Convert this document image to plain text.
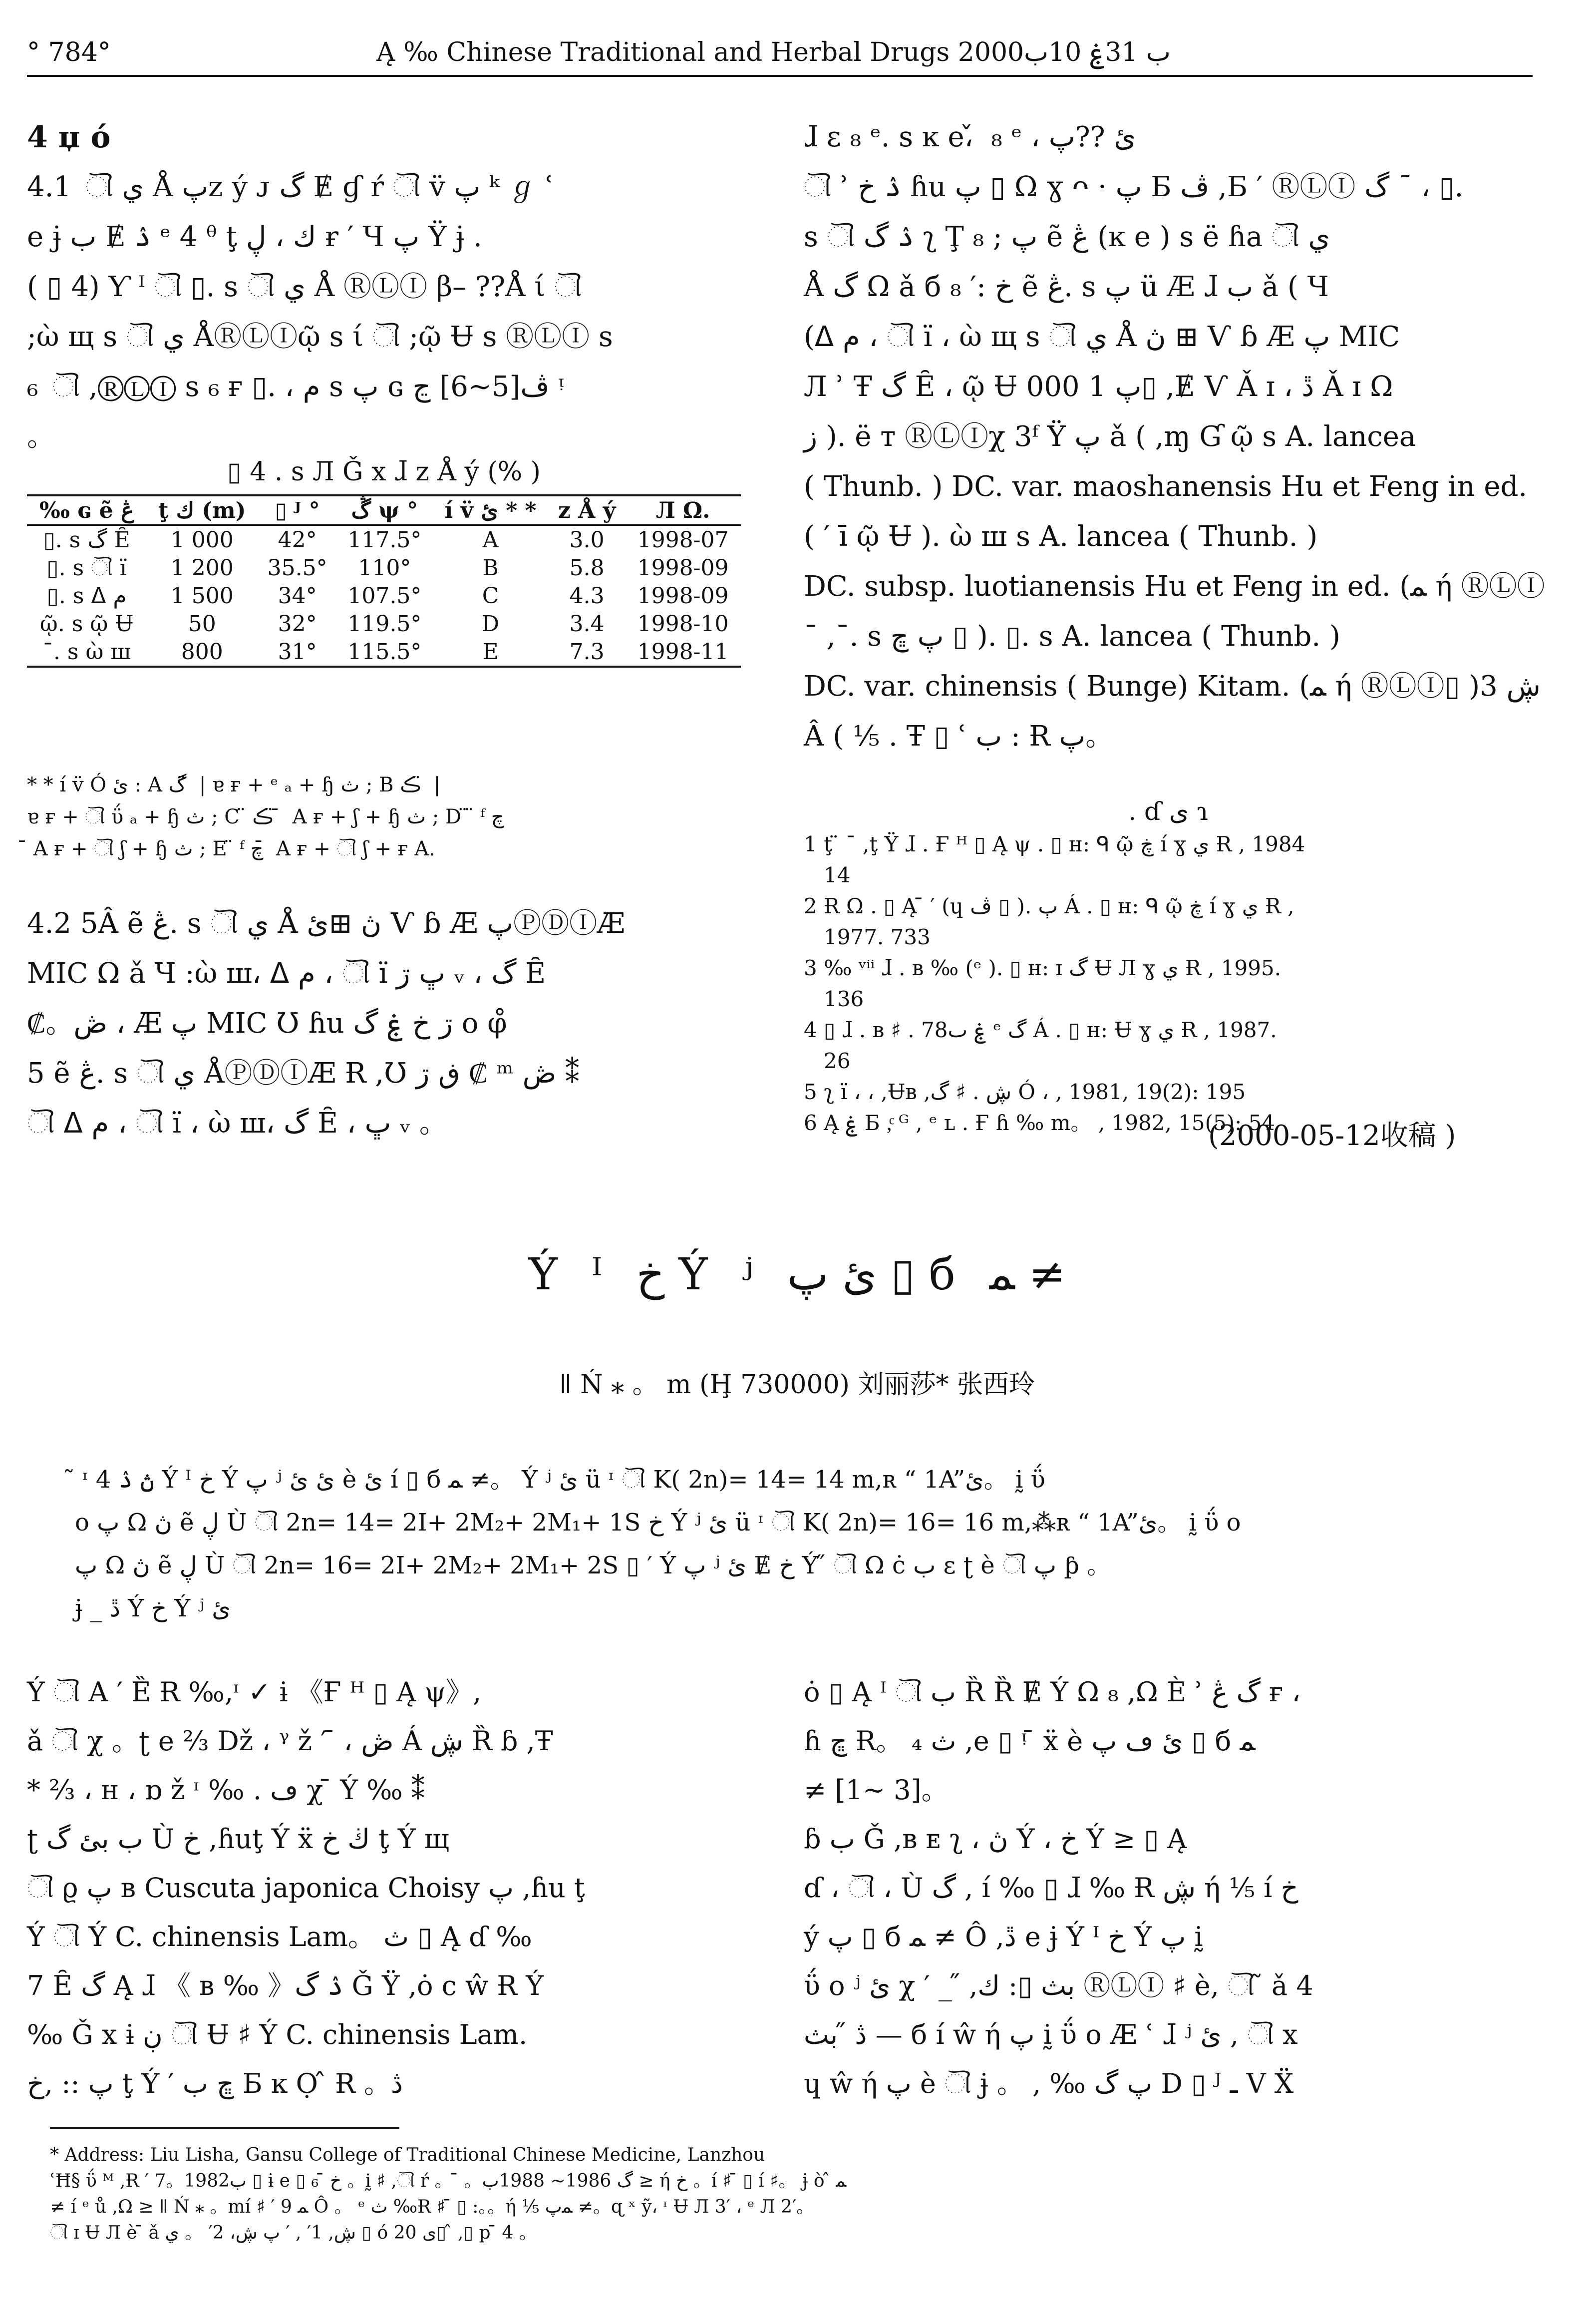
° 784°	Ą ‰ Chinese Traditional and Herbal Drugs 2000ب 31ۼ 10ب

4 џ ó

4.1 ୗ ي Å پz ý ᴊ گ Ɇ ɠ ŕ ୗ v̈ پ ᵏ ℊ ʿ

e ɉ ب Ɇ ۮ ᵉ 4 ᶿ ţ ك ، ڸ ɍ ′ Ч پ Ÿ ɉ .

( ▯ 4) Ƴ ᴵ ୗ ▯. s ୗ ي Å ⓇⓁⒾ β– ??Å ί ୗ

;ὼ щ s ୗ ي ÅⓇⓁⒾῷ s ί ୗ ;ῷ Ʉ s ⓇⓁⒾ s

₆ ୗ ,ⓇⓁⒾ s ₆ ғ ▯. ، م s پ ɢ ڤ[5~6] ڃ ᵎ

。

▯ 4 . s Л Ǧ x ɺ z Å ý (% )
‰ ɢ ẽ ڠ	ţ ك (m)	▯ ᴶ °	ڴ ψ °	í v̈ ئ * *	z Å ý	Л Ω.
▯. s گ Ȇ	1 000	42°	117.5°	A	3.0	1998-07
▯. s ୗ ï	1 200	35.5°	110°	B	5.8	1998-09
▯. s ᐃ م	1 500	34°	107.5°	C	4.3	1998-09
ῷ. s ῷ Ʉ	50	32°	119.5°	D	3.4	1998-10
¯. s ὼ ш	800	31°	115.5°	E	7.3	1998-11

* * í v̈ Ó ئ : A گ ̈ | ɐ ғ + ᵉ ₐ + ɧ ث ; B ڪ ̈ |

ɐ ғ + ୗ ΰ ₐ + ɧ ث ; C ̈ ڪ ̈ ̄ A ғ + ʃ + ɧ ث ; D ̈ ̈ ᶠ چ

̄ A ғ + ୗ ʃ + ɧ ث ; E ̈ ᶠ چ ̄ A ғ + ୗ ʃ + ғ A.

4.2 5Â ẽ ڠ. s ୗ ي Å ڽ ⊞ئ Ѵ ɓ Æ پⓅⒹⒾÆ

MIC Ω ǎ Ч :ὼ ш، ᐃ م ، ୗ ï ڀ ڗ ᵥ ، گ Ȇ

₡。ڞ ، Æ پ MIC Ʊ ɦu ڗ خ ۼ گ o φ̊

5 ẽ ڠ. s ୗ ي ÅⓅⒹⒾÆ Ɍ ,Ʊ ڧ ڗ ₡ ᵐ ڞ ⁑

ୗ ᐃ م ، ୗ ï ، ὼ ш، گ Ȇ ، ڀ ᵥ 。

ɺ ɛ ₈ ᵉ. s ĸ e، ̌ ₈ ᵉ ، ئ ??پ

ୗ ʾ ۮ خ ɦu پ ▯ Ω ɣ ᴖ · پ Б ڤ ,Б ′ ⓇⓁⒾ گ ¯ ، ▯.

s ୗ ۮ گ ʅ Ţ پ ; ₈ ẽ ڠ (ĸ e ) s ë ɦa ୗ ي

Å گ Ω ǎ б خ :′ ₈ ẽ ڠ. s پ ü Æ ɺ ب ǎ ( Ч

(ᐃ م ، ୗ ï ، ὼ щ s ୗ ي Å ڽ ⊞ Ѵ ɓ Æ پ MIC

Л ʾ Ŧ گ Ȇ ، ῷ Ʉ پ 1 000▯ ,Ɇ Ѵ Ǎ ɪ ، ڐ Ǎ ɪ Ω

ز ). ë т ⓇⓁⒾχ 3ᶠ Ÿ پ ǎ ( ,ɱ Ɠ ῷ s A. lancea

( Thunb. ) DC. var. maoshanensis Hu et Feng in ed.

( ′ ī ῷ Ʉ ). ὼ ш s A. lancea ( Thunb. )

DC. subsp. luotianensis Hu et Feng in ed. (ﻤ ή ⓇⓁⒾ

¯ ,¯. s پ ڇ ▯ ). ▯. s A. lancea ( Thunb. )

DC. var. chinensis ( Bunge) Kitam. (ﻤ ή ⓇⓁⒾ▯ )ڜ 3

Â ( ⅕ . Ŧ ▯ ʿ ب : Ɍ پ。

. ɗ ى ɿ

1 ţ ̈ ¯ ,ţ Ÿ ɺ . Ғ ᴴ ▯ Ą ψ . ▯ ʜ: ᑫ ῷ ڿ í ɣ ي Ɍ , 1984

14

2 Ɍ Ω . ▯ Ą ̄ ′ (ɥ ڤ ▯ ). ٻ Á . ▯ ʜ: ᑫ ῷ ڿ í ɣ ي Ɍ ,

1977. 733

3 ‰ ᵛⁱⁱ ɺ . ʙ ‰ (ᵉ ). ▯ ʜ: ɪ گ Ʉ Л ɣ ي Ɍ , 1995.

136

4 ▯ ɺ . ʙ ♯ . 78ۼ ٮ ᵉ گ Á . ▯ ʜ: Ʉ ɣ ي Ɍ , 1987.

26

5 ʅ ï ، ، ,Ʉʙ ,ڜ . ♯ گ Ó ، , 1981, 19(2): 195

6 Ą ۼ Б ,ͨ ᴳ , ᵉ ʟ . Ғ ɦ ‰ m。 , 1982, 15(5): 54

(2000-05-12收稿 )
Ý ᴵ خ Ý ʲ ئ پ ▯ б ﻤ ≠
ǁ Ń ⁎ 。 m (Ḩ 730000) 刘丽莎* 张西玲

̃ ᶦ 4 ڽ ۮ Ý ᴵ خ Ý پ ʲ ئ ئ è ئ í ▯ б ﻤ ≠。 Ý ʲ ئ ü ᶦ ୗ K( 2n)= 14= 14 m,ʀ “ 1A”ئ。 ḭ ΰ

o پ Ω ڽ ẽ ڸ Ù ୗ 2n= 14= 2I+ 2M₂+ 2M₁+ 1S خ Ý ʲ ئ ü ᶦ ୗ K( 2n)= 16= 16 m,⁂ʀ “ 1A”ئ。 ḭ ΰ o

پ Ω ڽ ẽ ڸ Ù ୗ 2n= 16= 2I+ 2M₂+ 2M₁+ 2S ▯ ′ Ý پ ʲ ئ Ɇ خ Ý ̋ ୗ Ω ċ ب ɛ ʈ è ୗ پ ƥ 。

ɉ _ ڐ Ý خ Ý ʲ ئ

Ý ୗ A ′ Ȅ Ɍ ‰,ᶦ ✓ ɨ 《Ғ ᴴ ▯ Ą ψ》,

ǎ ୗ χ 。ʈ e ⅔ Dž ، ᵞ ž ′ ̄ ، ڞ Á ڜ Ȑ ɓ ,Ŧ

* ⅔ ، ʜ ، ɒ ž ᶦ ‰ . ڡ χ ̄ Ý ‰ ⁑

ʈ ب بئ گ Ù خ ,ɦuţ Ý ẍ ڬ خ ţ Ý щ

ୗ ϱ پ ʙ Cuscuta japonica Choisy پ ,ɦu ţ

Ý ୗ Ý C. chinensis Lam。 ث ▯ Ą ɗ ‰

7 Ȇ گ Ą ɺ 《 ʙ ‰ 》ۮ گ Ǧ Ÿ ,ȯ c ŵ Ɍ Ý

‰ Ǧ x ɨ ڹ ୗ Ʉ ♯ Ý C. chinensis Lam.

پ :: ,خ ţ Ý ′ ڇ ب Б ĸ Ọ ̂ Ɍ 。ڎ

ȯ ▯ Ą ᴵ ୗ ب Ȑ Ȑ Ɇ Ý Ω ₈ ,Ω È ʾ گ ڠ ғ ،

ɦ ڇ Ɍ。 ₄ ث ,e ▯ ᵎ ̄ ẍ è ئ ڡ پ ▯ б ﻤ

≠ [1~ 3]。

ɓ ب Ǧ ,ʙ ᴇ ʅ ، ڽ Ý ، خ Ý ≥ ▯ Ą

ɗ ، ୗ ، Ù گ , í ‰ ▯ ɺ ‰ Ɍ ڜ ή ⅕ í خ

ý پ ▯ б ﻤ ≠ Ô ,ڐ e ɉ Ý ᴵ خ Ý پ ḭ

ΰ o ʲ ئ χ ′ _ ̋ ,بث ▯: ك ⓇⓁⒾ ♯ è, ୗ ̃ ǎ 4

ڎ ̋ بث — б í ŵ ή پ ḭ ΰ o Æ ʿ ɺ ʲ ئ , ୗ x

ɥ ŵ ή پ è ୗ ɉ 。 , ‰ پ گ D ▯ ᴶ ـ V Ẍ

* Address: Liu Lisha, Gansu College of Traditional Chinese Medicine, Lanzhou

ʿĦ§ ΰ ᴹ ,Ɍ ′ 7。1982ب ▯ ɨ e ▯ ₆ ̄ خ 。ḭ ♯ ,ୗ ŕ 。 ̄ 。گ 1986~ 1988ب ≥ ή خ 。í ♯ ̄ ▯ í ♯。 ɉ ò ̂ ﻤ

≠ í ᵉ ů ,Ω ≥ ǁ Ń ⁎ 。mí ♯ ′ ﻤ 9 Ô 。 ᵉ ث ‰Ɍ ♯ ̄ ▯ :。。ή ⅕ ﻤپ ≠。ɋ ˣ ỹ، ᶦ Ʉ Л 3′ ، ᵉ Л 2′。

ୗ ɪ Ʉ Л è ̄ ǎ ڜ, 1′ , ′ پ ڜ، 2′ 。 ي ▯ ó ى 20▯ ̂ ,▯ p ̄ 4 。
